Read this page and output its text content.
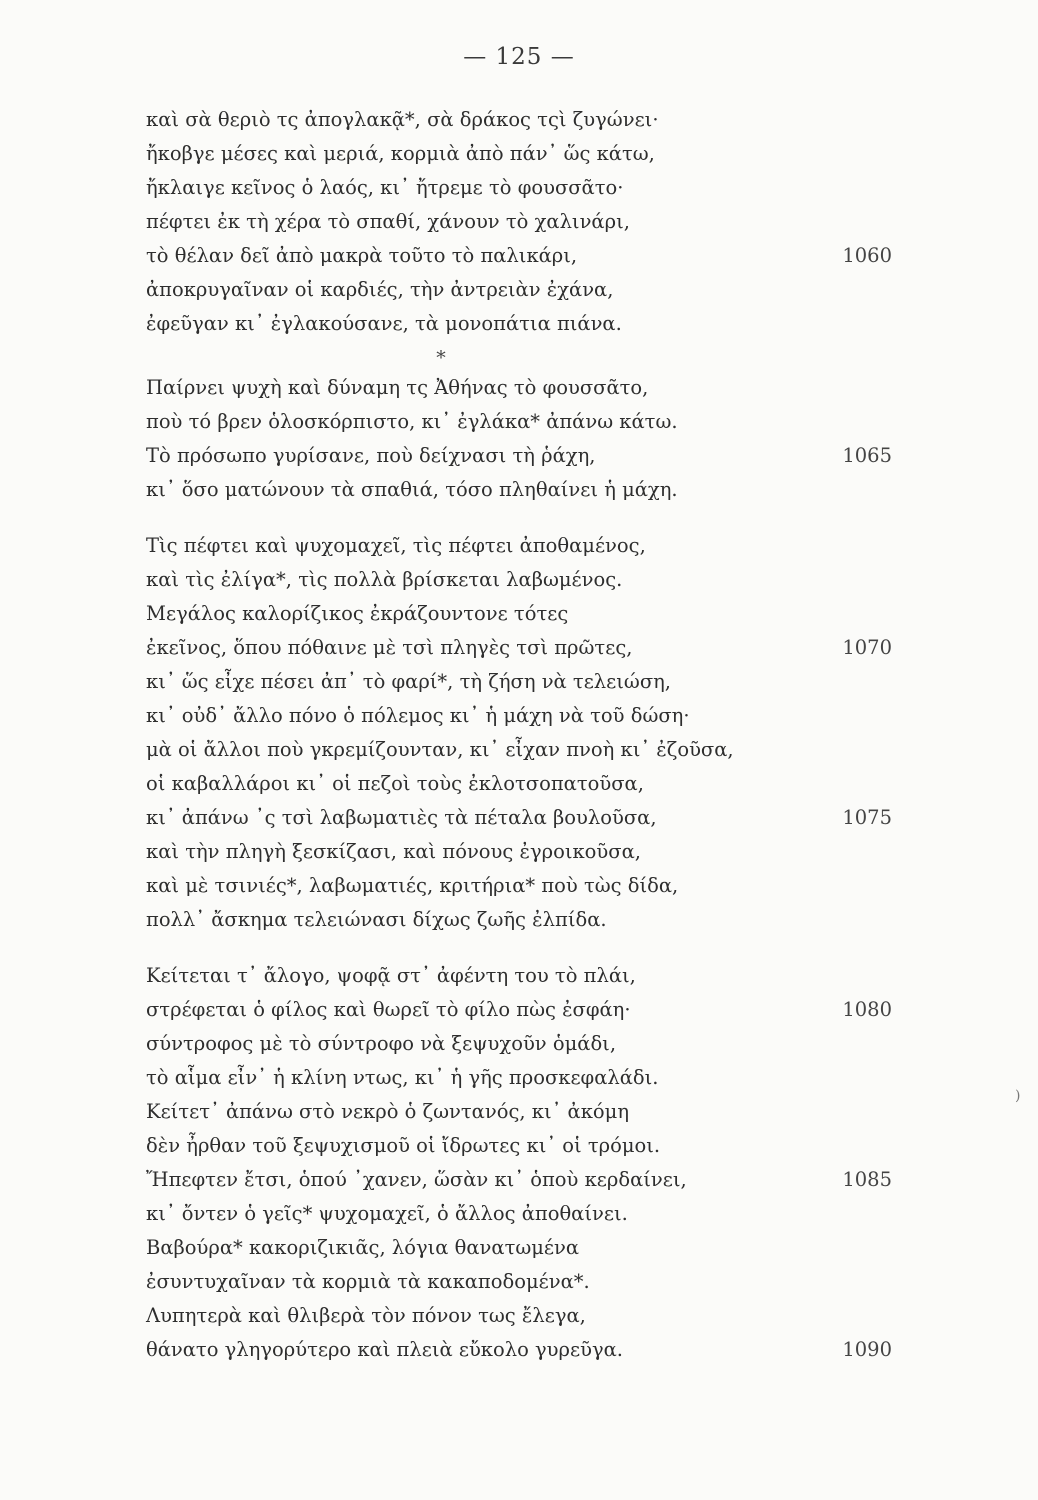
— 125 —
καὶ σὰ θεριὸ τς ἀπογλακᾷ*, σὰ δράκος τςὶ ζυγώνει·
ἤκοβγε μέσες καὶ μεριά, κορμιὰ ἀπὸ πάν᾽ ὥς κάτω,
ἤκλαιγε κεῖνος ὁ λαός, κι᾽ ἤτρεμε τὸ φουσσᾶτο·
πέφτει ἐκ τὴ χέρα τὸ σπαθί, χάνουν τὸ χαλινάρι,
τὸ θέλαν δεῖ ἀπὸ μακρὰ τοῦτο τὸ παλικάρι,	1060
ἀποκρυγαῖναν οἱ καρδιές, τὴν ἀντρειὰν ἐχάνα,
ἐφεῦγαν κι᾽ ἐγλακούσανε, τὰ μονοπάτια πιάνα.
*
Παίρνει ψυχὴ καὶ δύναμη τς Ἀθήνας τὸ φουσσᾶτο,
ποὺ τό βρεν ὁλοσκόρπιστο, κι᾽ ἐγλάκα* ἀπάνω κάτω.
Τὸ πρόσωπο γυρίσανε, ποὺ δείχνασι τὴ ῥάχη,	1065
κι᾽ ὅσο ματώνουν τὰ σπαθιά, τόσο πληθαίνει ἡ μάχη.
Τὶς πέφτει καὶ ψυχομαχεῖ, τὶς πέφτει ἀποθαμένος,
καὶ τὶς ἐλίγα*, τὶς πολλὰ βρίσκεται λαβωμένος.
Μεγάλος καλορίζικος ἐκράζουντονε τότες
ἐκεῖνος, ὅπου πόθαινε μὲ τσὶ πληγὲς τσὶ πρῶτες,	1070
κι᾽ ὥς εἶχε πέσει ἀπ᾽ τὸ φαρί*, τὴ ζήση νὰ τελειώση,
κι᾽ οὐδ᾽ ἄλλο πόνο ὁ πόλεμος κι᾽ ἡ μάχη νὰ τοῦ δώση·
μὰ οἱ ἄλλοι ποὺ γκρεμίζουνταν, κι᾽ εἶχαν πνοὴ κι᾽ ἐζοῦσα,
οἱ καβαλλάροι κι᾽ οἱ πεζοὶ τοὺς ἐκλοτσοπατοῦσα,
κι᾽ ἀπάνω ᾽ς τσὶ λαβωματιὲς τὰ πέταλα βουλοῦσα,	1075
καὶ τὴν πληγὴ ξεσκίζασι, καὶ πόνους ἐγροικοῦσα,
καὶ μὲ τσινιές*, λαβωματιές, κριτήρια* ποὺ τὼς δίδα,
πολλ᾽ ἄσκημα τελειώνασι δίχως ζωῆς ἐλπίδα.
Κείτεται τ᾽ ἄλογο, ψοφᾷ στ᾽ ἀφέντη του τὸ πλάι,
στρέφεται ὁ φίλος καὶ θωρεῖ τὸ φίλο πὼς ἐσφάη·	1080
σύντροφος μὲ τὸ σύντροφο νὰ ξεψυχοῦν ὁμάδι,
τὸ αἷμα εἶν᾽ ἡ κλίνη ντως, κι᾽ ἡ γῆς προσκεφαλάδι.
Κείτετ᾽ ἀπάνω στὸ νεκρὸ ὁ ζωντανός, κι᾽ ἀκόμη
δὲν ἦρθαν τοῦ ξεψυχισμοῦ οἱ ἴδρωτες κι᾽ οἱ τρόμοι.
Ἤπεφτεν ἔτσι, ὁπού ᾽χανεν, ὥσὰν κι᾽ ὁποὺ κερδαίνει,	1085
κι᾽ ὄντεν ὁ γεῖς* ψυχομαχεῖ, ὁ ἄλλος ἀποθαίνει.
Βαβούρα* κακοριζικιᾶς, λόγια θανατωμένα
ἐσυντυχαῖναν τὰ κορμιὰ τὰ κακαποδομένα*.
Λυπητερὰ καὶ θλιβερὰ τὸν πόνον τως ἔλεγα,
θάνατο γληγορύτερο καὶ πλειὰ εὔκολο γυρεῦγα.	1090
)
